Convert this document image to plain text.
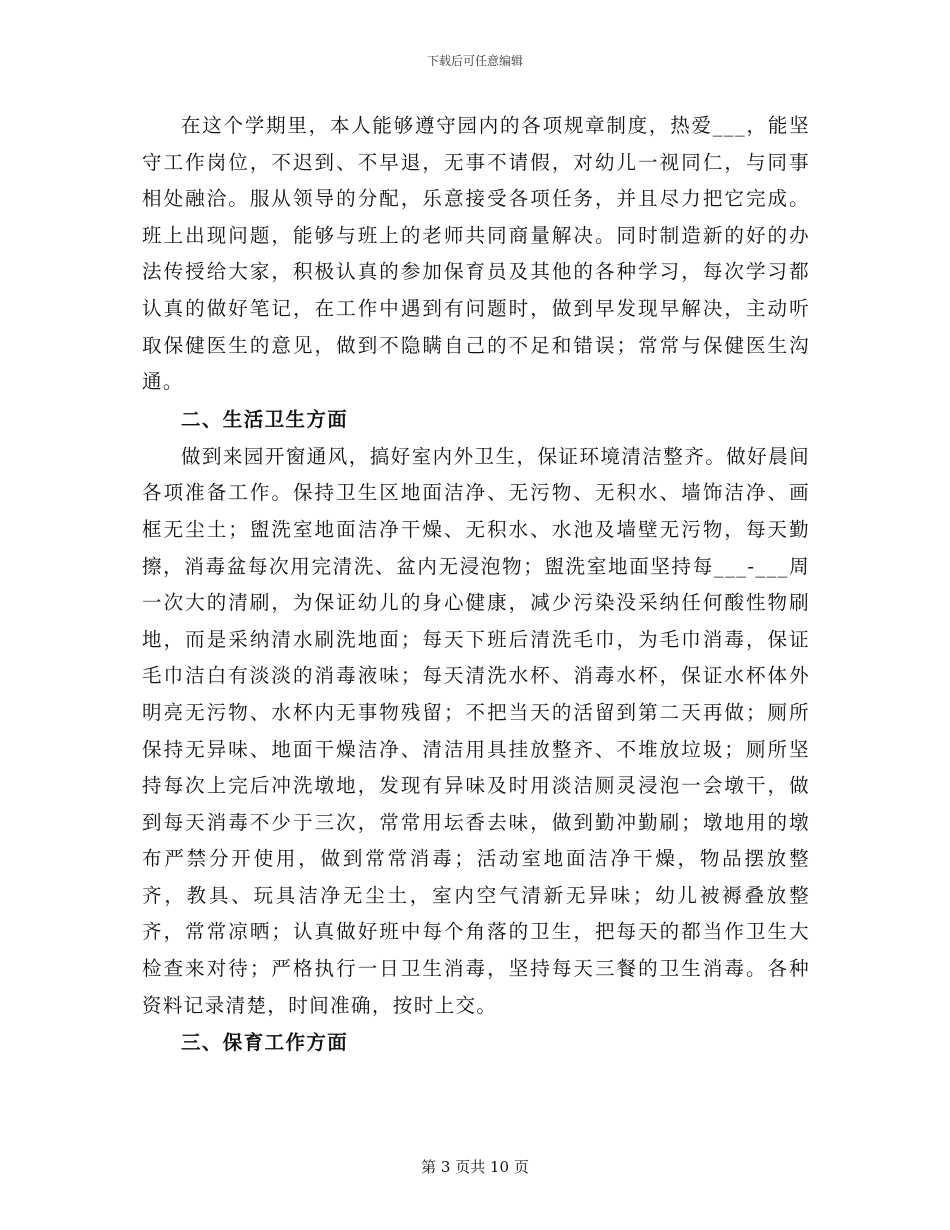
下载后可任意编辑

在这个学期里，本人能够遵守园内的各项规章制度，热爱___，能坚守工作岗位，不迟到、不早退，无事不请假，对幼儿一视同仁，与同事相处融洽。服从领导的分配，乐意接受各项任务，并且尽力把它完成。班上出现问题，能够与班上的老师共同商量解决。同时制造新的好的办法传授给大家，积极认真的参加保育员及其他的各种学习，每次学习都认真的做好笔记，在工作中遇到有问题时，做到早发现早解决，主动听取保健医生的意见，做到不隐瞒自己的不足和错误；常常与保健医生沟通。

二、生活卫生方面

做到来园开窗通风，搞好室内外卫生，保证环境清洁整齐。做好晨间各项准备工作。保持卫生区地面洁净、无污物、无积水、墙饰洁净、画框无尘土；盥洗室地面洁净干燥、无积水、水池及墙壁无污物，每天勤擦，消毒盆每次用完清洗、盆内无浸泡物；盥洗室地面坚持每___-___周一次大的清刷，为保证幼儿的身心健康，减少污染没采纳任何酸性物刷地，而是采纳清水刷洗地面；每天下班后清洗毛巾，为毛巾消毒，保证毛巾洁白有淡淡的消毒液味；每天清洗水杯、消毒水杯，保证水杯体外明亮无污物、水杯内无事物残留；不把当天的活留到第二天再做；厕所保持无异味、地面干燥洁净、清洁用具挂放整齐、不堆放垃圾；厕所坚持每次上完后冲洗墩地，发现有异味及时用淡洁厕灵浸泡一会墩干，做到每天消毒不少于三次，常常用坛香去味，做到勤冲勤刷；墩地用的墩布严禁分开使用，做到常常消毒；活动室地面洁净干燥，物品摆放整齐，教具、玩具洁净无尘土，室内空气清新无异味；幼儿被褥叠放整齐，常常凉晒；认真做好班中每个角落的卫生，把每天的都当作卫生大检查来对待；严格执行一日卫生消毒，坚持每天三餐的卫生消毒。各种资料记录清楚，时间准确，按时上交。

三、保育工作方面

第 3 页共 10 页
